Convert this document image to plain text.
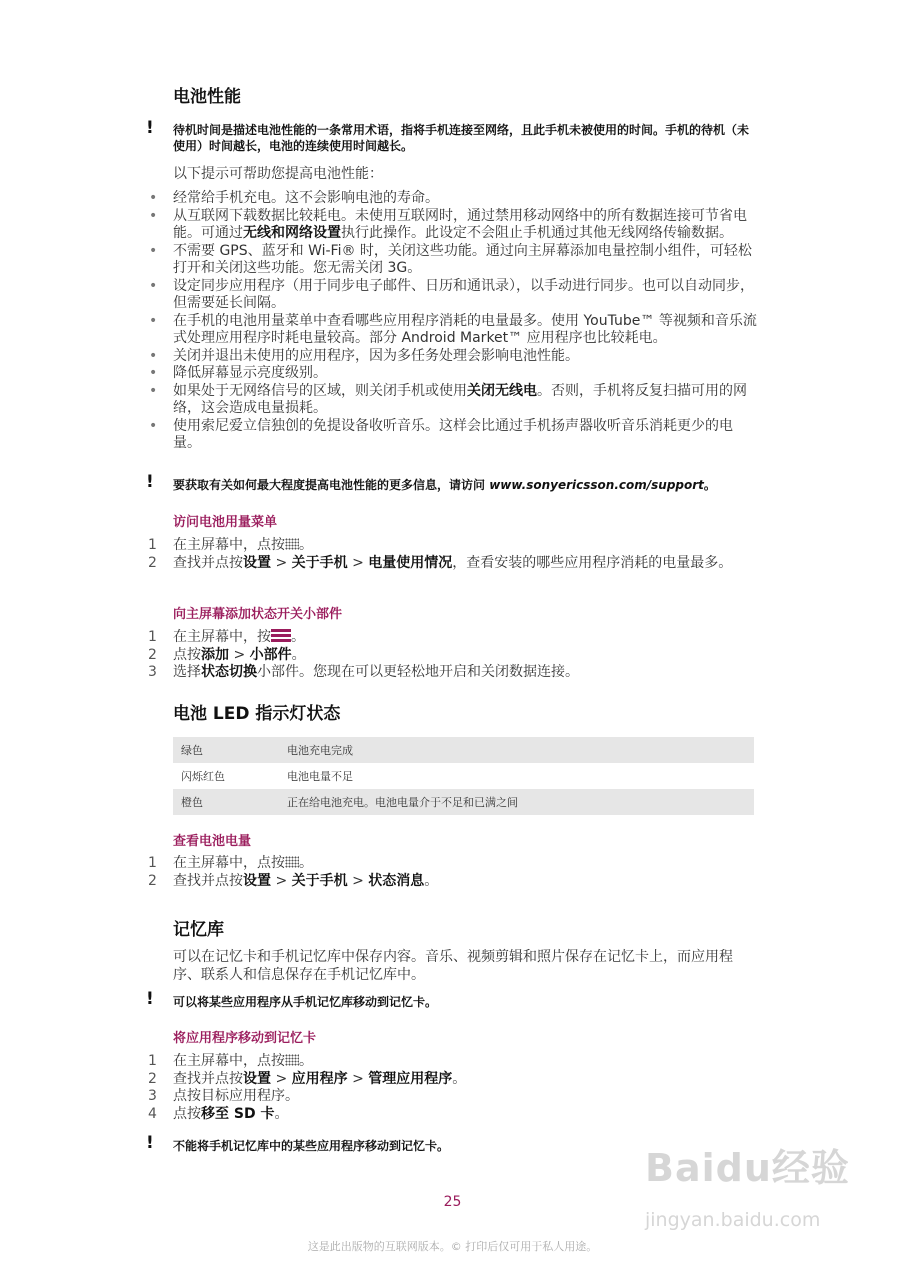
电池性能
!	待机时间是描述电池性能的一条常用术语，指将手机连接至网络，且此手机未被使用的时间。手机的待机（未使用）时间越长，电池的连续使用时间越长。
以下提示可帮助您提高电池性能：
• 经常给手机充电。这不会影响电池的寿命。
• 从互联网下载数据比较耗电。未使用互联网时，通过禁用移动网络中的所有数据连接可节省电能。可通过无线和网络设置执行此操作。此设定不会阻止手机通过其他无线网络传输数据。
• 不需要 GPS、蓝牙和 Wi-Fi® 时，关闭这些功能。通过向主屏幕添加电量控制小组件，可轻松打开和关闭这些功能。您无需关闭 3G。
• 设定同步应用程序（用于同步电子邮件、日历和通讯录），以手动进行同步。也可以自动同步，但需要延长间隔。
• 在手机的电池用量菜单中查看哪些应用程序消耗的电量最多。使用 YouTube™ 等视频和音乐流式处理应用程序时耗电量较高。部分 Android Market™ 应用程序也比较耗电。
• 关闭并退出未使用的应用程序，因为多任务处理会影响电池性能。
• 降低屏幕显示亮度级别。
• 如果处于无网络信号的区域，则关闭手机或使用关闭无线电。否则，手机将反复扫描可用的网络，这会造成电量损耗。
• 使用索尼爱立信独创的免提设备收听音乐。这样会比通过手机扬声器收听音乐消耗更少的电量。
!	要获取有关如何最大程度提高电池性能的更多信息，请访问 www.sonyericsson.com/support。
访问电池用量菜单
1 在主屏幕中，点按 。
2 查找并点按设置 > 关于手机 > 电量使用情况，查看安装的哪些应用程序消耗的电量最多。
向主屏幕添加状态开关小部件
1 在主屏幕中，按 。
2 点按添加 > 小部件。
3 选择状态切换小部件。您现在可以更轻松地开启和关闭数据连接。
电池 LED 指示灯状态
绿色	电池充电完成
闪烁红色	电池电量不足
橙色	正在给电池充电。电池电量介于不足和已满之间
查看电池电量
1 在主屏幕中，点按 。
2 查找并点按设置 > 关于手机 > 状态消息。
记忆库
可以在记忆卡和手机记忆库中保存内容。音乐、视频剪辑和照片保存在记忆卡上，而应用程序、联系人和信息保存在手机记忆库中。
!	可以将某些应用程序从手机记忆库移动到记忆卡。
将应用程序移动到记忆卡
1 在主屏幕中，点按 。
2 查找并点按设置 > 应用程序 > 管理应用程序。
3 点按目标应用程序。
4 点按移至 SD 卡。
!	不能将手机记忆库中的某些应用程序移动到记忆卡。
25
Baidu经验
jingyan.baidu.com
这是此出版物的互联网版本。© 打印后仅可用于私人用途。
